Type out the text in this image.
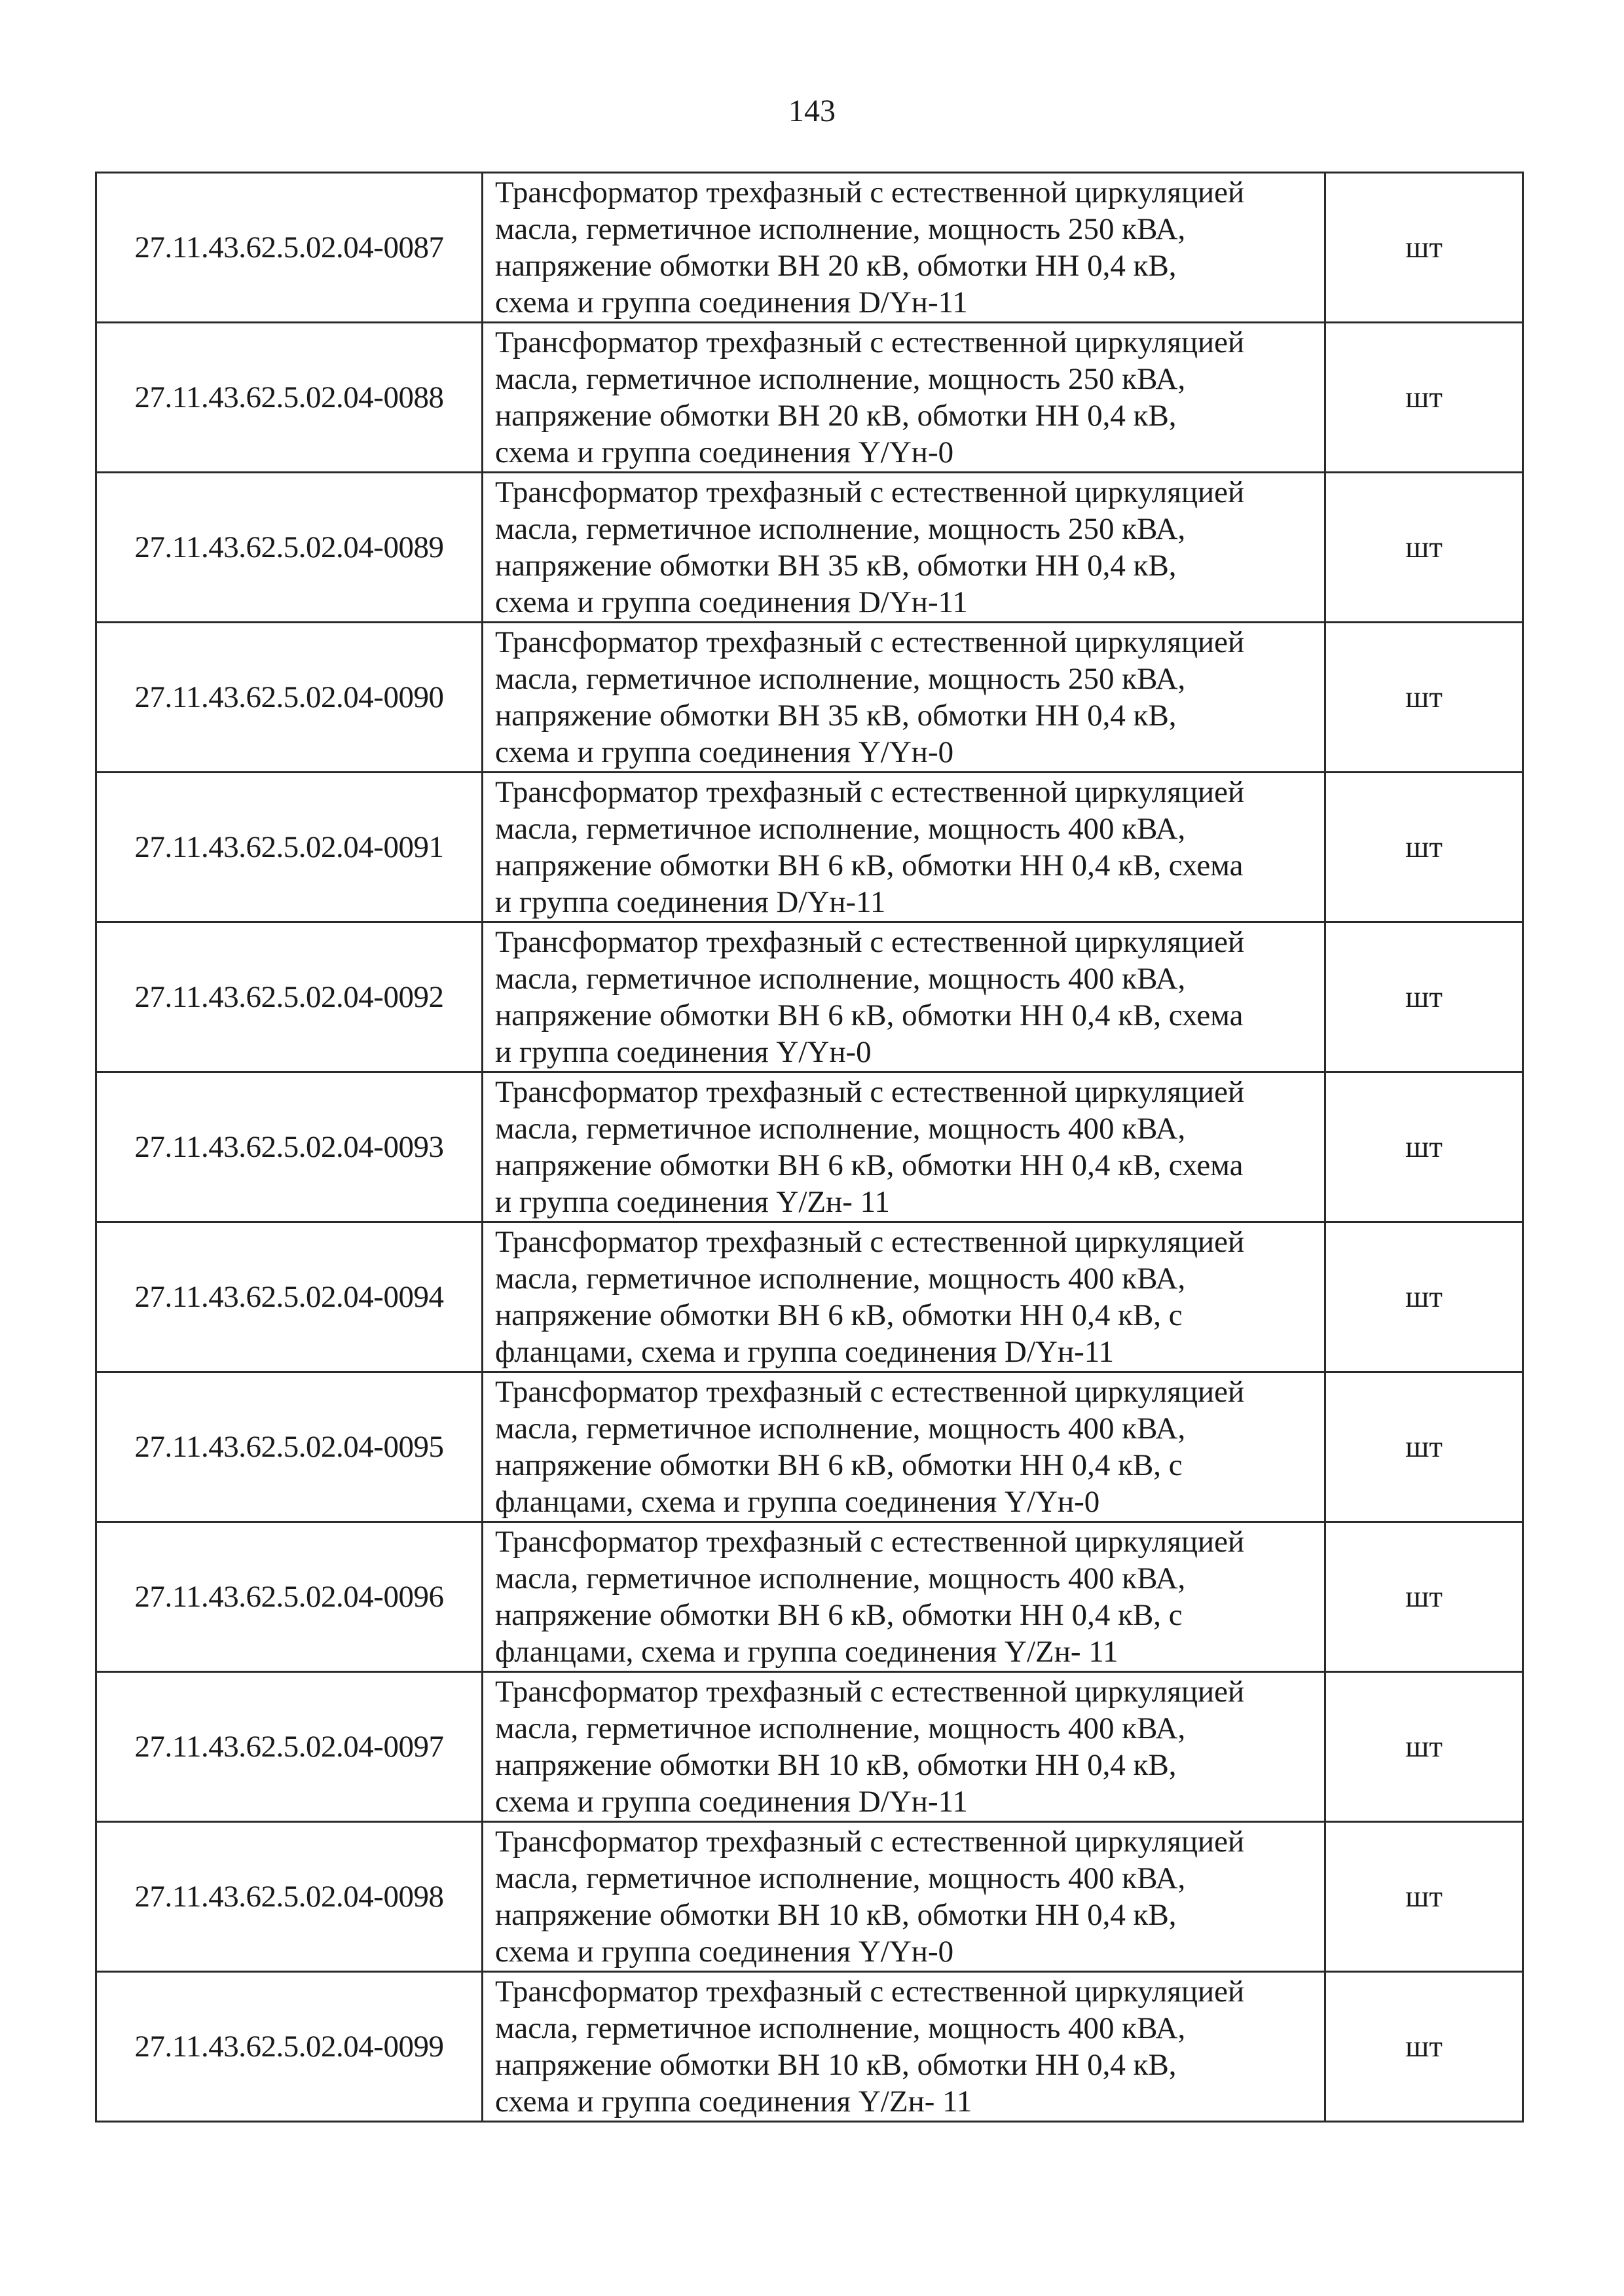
143
27.11.43.62.5.02.04-0087	Трансформатор трехфазный с естественной циркуляцией
масла, герметичное исполнение, мощность 250 кВА,
напряжение обмотки ВН 20 кВ, обмотки НН 0,4 кВ,
схема и группа соединения D/Yн-11	шт
27.11.43.62.5.02.04-0088	Трансформатор трехфазный с естественной циркуляцией
масла, герметичное исполнение, мощность 250 кВА,
напряжение обмотки ВН 20 кВ, обмотки НН 0,4 кВ,
схема и группа соединения Y/Yн-0	шт
27.11.43.62.5.02.04-0089	Трансформатор трехфазный с естественной циркуляцией
масла, герметичное исполнение, мощность 250 кВА,
напряжение обмотки ВН 35 кВ, обмотки НН 0,4 кВ,
схема и группа соединения D/Yн-11	шт
27.11.43.62.5.02.04-0090	Трансформатор трехфазный с естественной циркуляцией
масла, герметичное исполнение, мощность 250 кВА,
напряжение обмотки ВН 35 кВ, обмотки НН 0,4 кВ,
схема и группа соединения Y/Yн-0	шт
27.11.43.62.5.02.04-0091	Трансформатор трехфазный с естественной циркуляцией
масла, герметичное исполнение, мощность 400 кВА,
напряжение обмотки ВН 6 кВ, обмотки НН 0,4 кВ, схема
и группа соединения D/Yн-11	шт
27.11.43.62.5.02.04-0092	Трансформатор трехфазный с естественной циркуляцией
масла, герметичное исполнение, мощность 400 кВА,
напряжение обмотки ВН 6 кВ, обмотки НН 0,4 кВ, схема
и группа соединения Y/Yн-0	шт
27.11.43.62.5.02.04-0093	Трансформатор трехфазный с естественной циркуляцией
масла, герметичное исполнение, мощность 400 кВА,
напряжение обмотки ВН 6 кВ, обмотки НН 0,4 кВ, схема
и группа соединения Y/Zн- 11	шт
27.11.43.62.5.02.04-0094	Трансформатор трехфазный с естественной циркуляцией
масла, герметичное исполнение, мощность 400 кВА,
напряжение обмотки ВН 6 кВ, обмотки НН 0,4 кВ, с
фланцами, схема и группа соединения D/Yн-11	шт
27.11.43.62.5.02.04-0095	Трансформатор трехфазный с естественной циркуляцией
масла, герметичное исполнение, мощность 400 кВА,
напряжение обмотки ВН 6 кВ, обмотки НН 0,4 кВ, с
фланцами, схема и группа соединения Y/Yн-0	шт
27.11.43.62.5.02.04-0096	Трансформатор трехфазный с естественной циркуляцией
масла, герметичное исполнение, мощность 400 кВА,
напряжение обмотки ВН 6 кВ, обмотки НН 0,4 кВ, с
фланцами, схема и группа соединения Y/Zн- 11	шт
27.11.43.62.5.02.04-0097	Трансформатор трехфазный с естественной циркуляцией
масла, герметичное исполнение, мощность 400 кВА,
напряжение обмотки ВН 10 кВ, обмотки НН 0,4 кВ,
схема и группа соединения D/Yн-11	шт
27.11.43.62.5.02.04-0098	Трансформатор трехфазный с естественной циркуляцией
масла, герметичное исполнение, мощность 400 кВА,
напряжение обмотки ВН 10 кВ, обмотки НН 0,4 кВ,
схема и группа соединения Y/Yн-0	шт
27.11.43.62.5.02.04-0099	Трансформатор трехфазный с естественной циркуляцией
масла, герметичное исполнение, мощность 400 кВА,
напряжение обмотки ВН 10 кВ, обмотки НН 0,4 кВ,
схема и группа соединения Y/Zн- 11	шт
